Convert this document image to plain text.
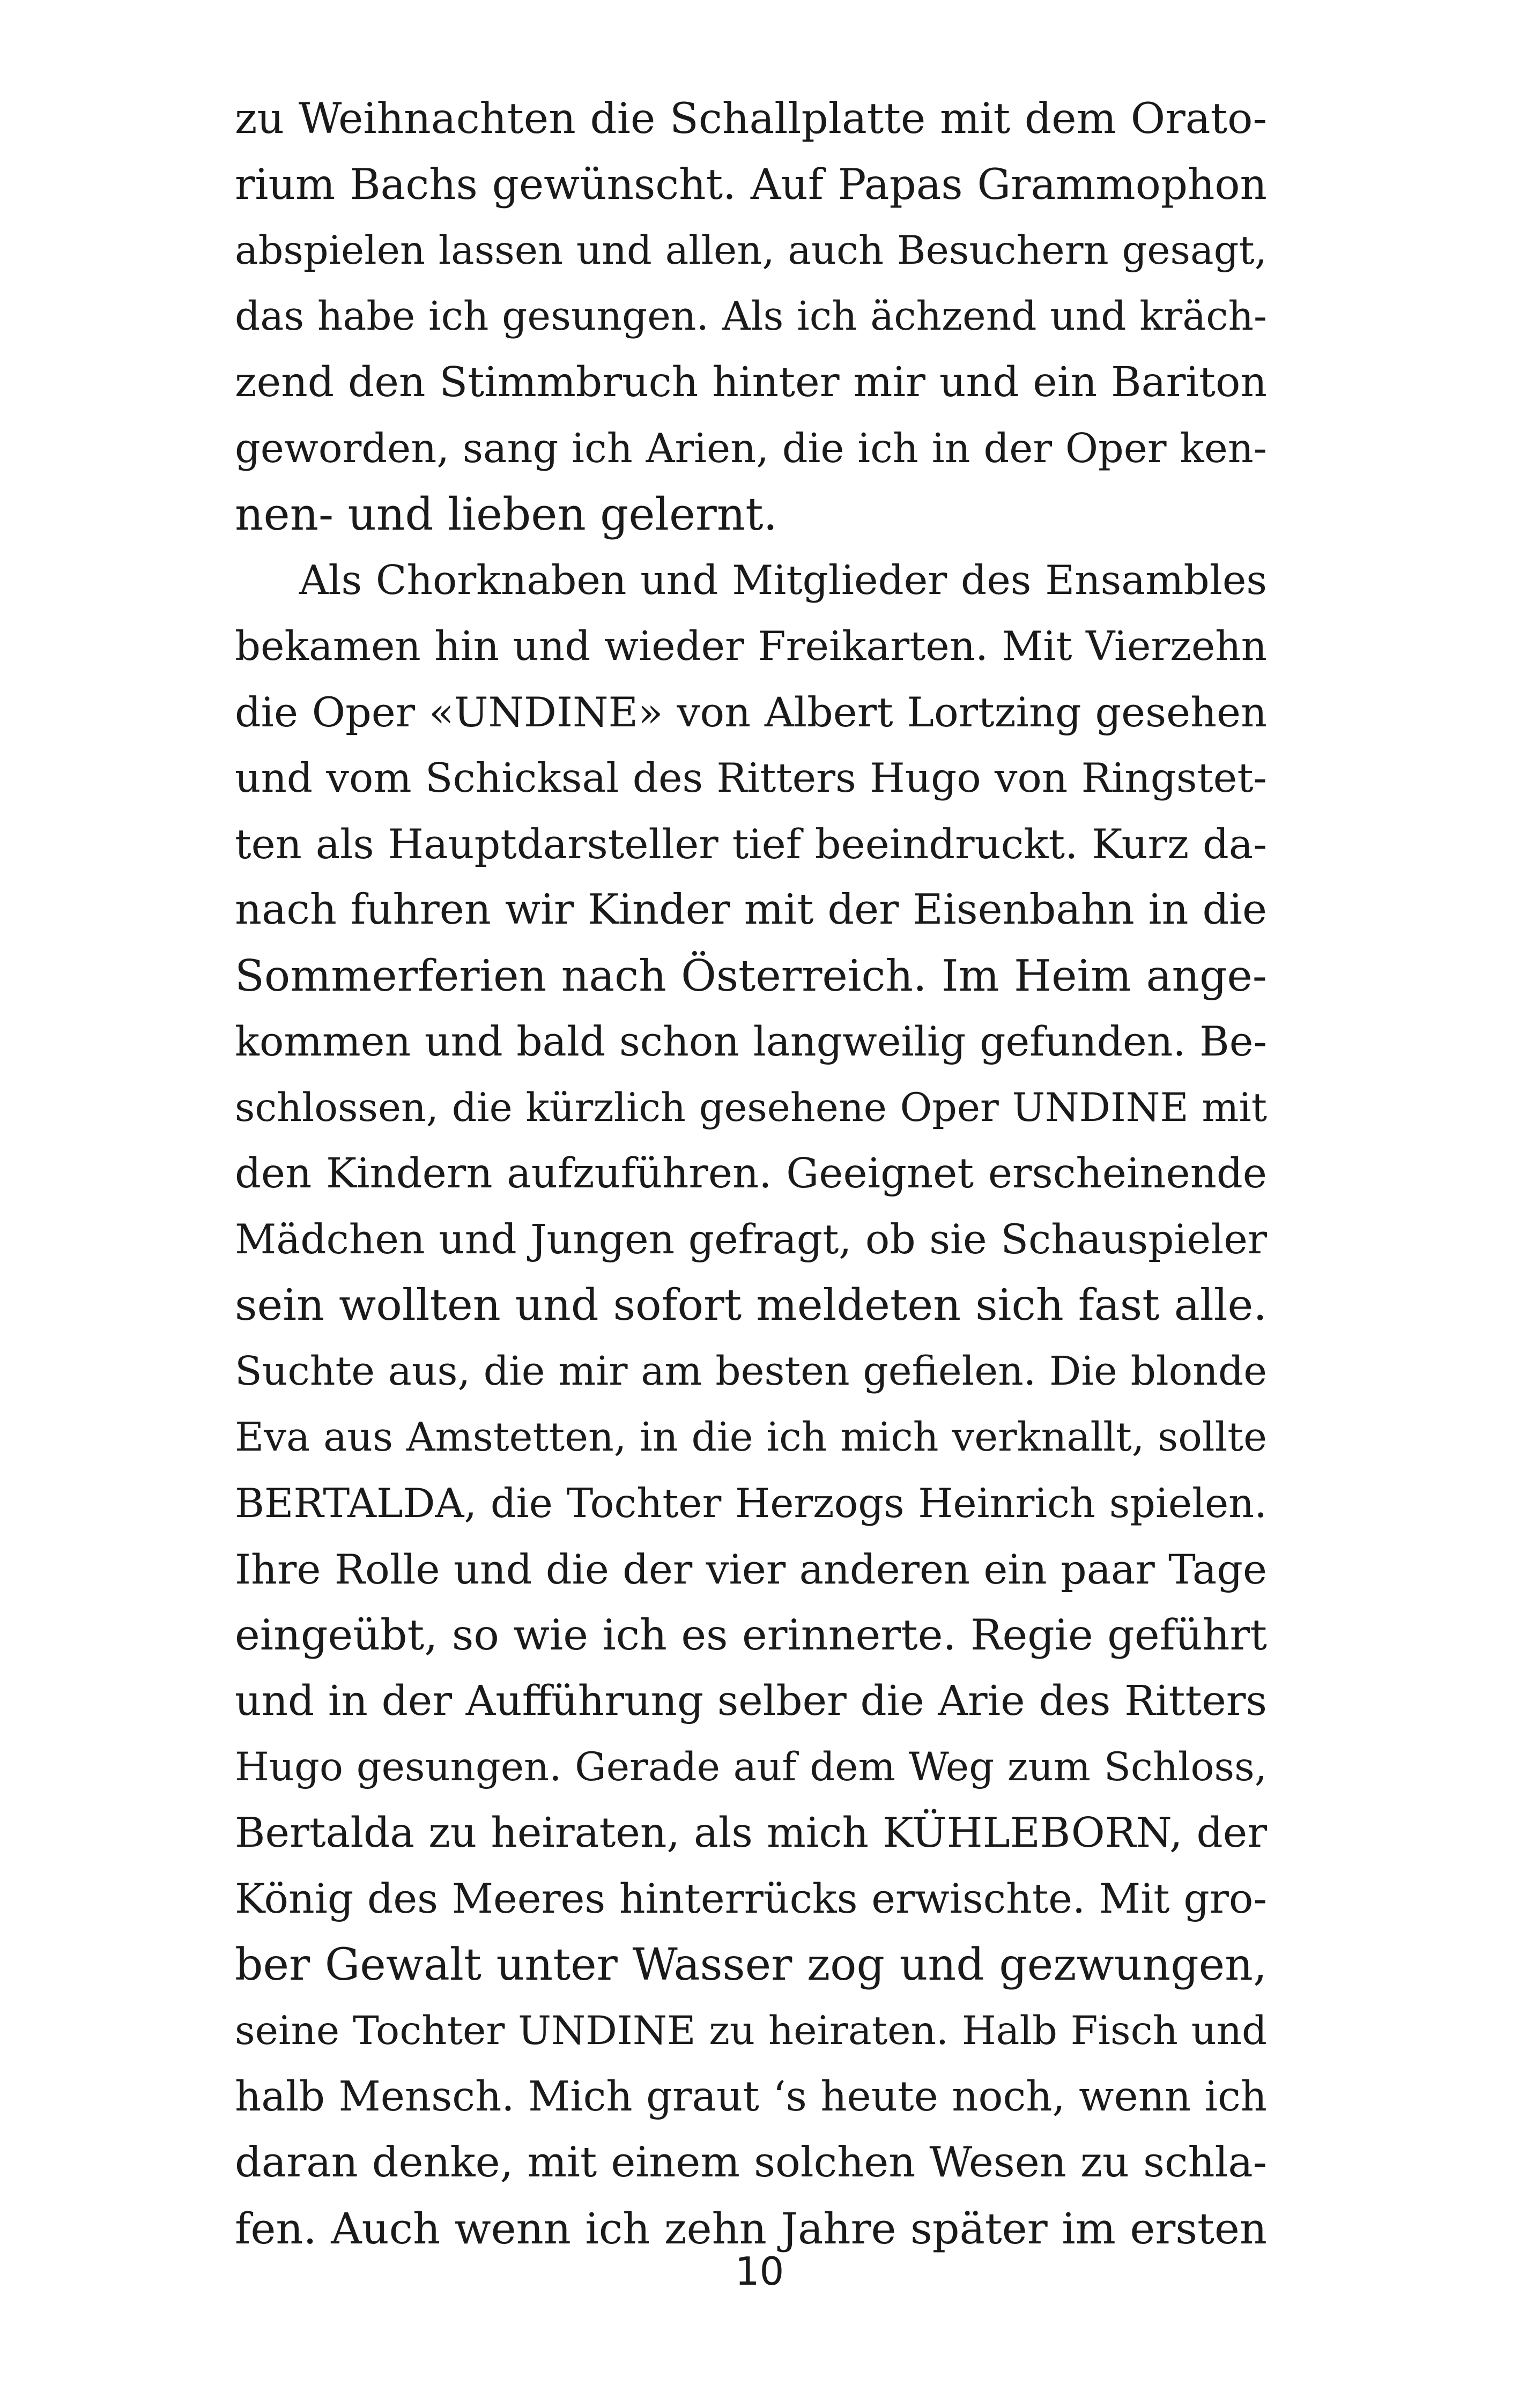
zu Weihnachten die Schallplatte mit dem Orato-
rium Bachs gewünscht. Auf Papas Grammophon
abspielen lassen und allen, auch Besuchern gesagt,
das habe ich gesungen. Als ich ächzend und kräch-
zend den Stimmbruch hinter mir und ein Bariton
geworden, sang ich Arien, die ich in der Oper ken-
nen- und lieben gelernt.
Als Chorknaben und Mitglieder des Ensambles
bekamen hin und wieder Freikarten. Mit Vierzehn
die Oper «UNDINE» von Albert Lortzing gesehen
und vom Schicksal des Ritters Hugo von Ringstet-
ten als Hauptdarsteller tief beeindruckt. Kurz da-
nach fuhren wir Kinder mit der Eisenbahn in die
Sommerferien nach Österreich. Im Heim ange-
kommen und bald schon langweilig gefunden. Be-
schlossen, die kürzlich gesehene Oper UNDINE mit
den Kindern aufzuführen. Geeignet erscheinende
Mädchen und Jungen gefragt, ob sie Schauspieler
sein wollten und sofort meldeten sich fast alle.
Suchte aus, die mir am besten gefielen. Die blonde
Eva aus Amstetten, in die ich mich verknallt, sollte
BERTALDA, die Tochter Herzogs Heinrich spielen.
Ihre Rolle und die der vier anderen ein paar Tage
eingeübt, so wie ich es erinnerte. Regie geführt
und in der Aufführung selber die Arie des Ritters
Hugo gesungen. Gerade auf dem Weg zum Schloss,
Bertalda zu heiraten, als mich KÜHLEBORN, der
König des Meeres hinterrücks erwischte. Mit gro-
ber Gewalt unter Wasser zog und gezwungen,
seine Tochter UNDINE zu heiraten. Halb Fisch und
halb Mensch. Mich graut ‘s heute noch, wenn ich
daran denke, mit einem solchen Wesen zu schla-
fen. Auch wenn ich zehn Jahre später im ersten
10
